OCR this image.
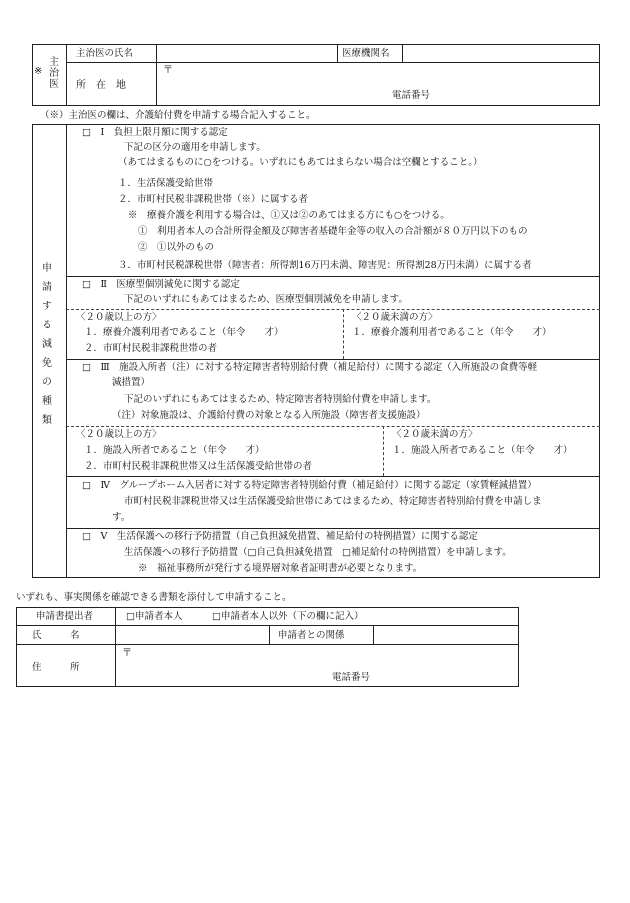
※ 主治医
主治医の氏名	医療機関名
所　在　地
〒
電話番号
（※）主治医の欄は、介護給付費を申請する場合記入すること。
申請する減免の種類
□　Ⅰ　負担上限月額に関する認定
下記の区分の適用を申請します。
（あてはまるものに○をつける。いずれにもあてはまらない場合は空欄とすること。）
１．生活保護受給世帯
２．市町村民税非課税世帯（※）に属する者
※　療養介護を利用する場合は、①又は②のあてはまる方にも○をつける。
①　利用者本人の合計所得金額及び障害者基礎年金等の収入の合計額が８０万円以下のもの
②　①以外のもの
３．市町村民税課税世帯（障害者：所得割16万円未満、障害児：所得割28万円未満）に属する者
□　Ⅱ　医療型個別減免に関する認定
下記のいずれにもあてはまるため、医療型個別減免を申請します。
〈２０歳以上の方〉
１．療養介護利用者であること（年令　　才）
２．市町村民税非課税世帯の者
〈２０歳未満の方〉
１．療養介護利用者であること（年令　　才）
□　Ⅲ　施設入所者（注）に対する特定障害者特別給付費（補足給付）に関する認定（入所施設の食費等軽
減措置）
下記のいずれにもあてはまるため、特定障害者特別給付費を申請します。
（注）対象施設は、介護給付費の対象となる入所施設（障害者支援施設）
〈２０歳以上の方〉
１．施設入所者であること（年令　　才）
２．市町村民税非課税世帯又は生活保護受給世帯の者
〈２０歳未満の方〉
１．施設入所者であること（年令　　才）
□　Ⅳ　グループホーム入居者に対する特定障害者特別給付費（補足給付）に関する認定（家賃軽減措置）
市町村民税非課税世帯又は生活保護受給世帯にあてはまるため、特定障害者特別給付費を申請しま
す。
□　Ⅴ　生活保護への移行予防措置（自己負担減免措置、補足給付の特例措置）に関する認定
生活保護への移行予防措置（□自己負担減免措置　□補足給付の特例措置）を申請します。
※　福祉事務所が発行する境界層対象者証明書が必要となります。
いずれも、事実関係を確認できる書類を添付して申請すること。
申請書提出者	□申請者本人	□申請者本人以外（下の欄に記入）
氏　　　名	申請者との関係
住　　　所
〒
電話番号
